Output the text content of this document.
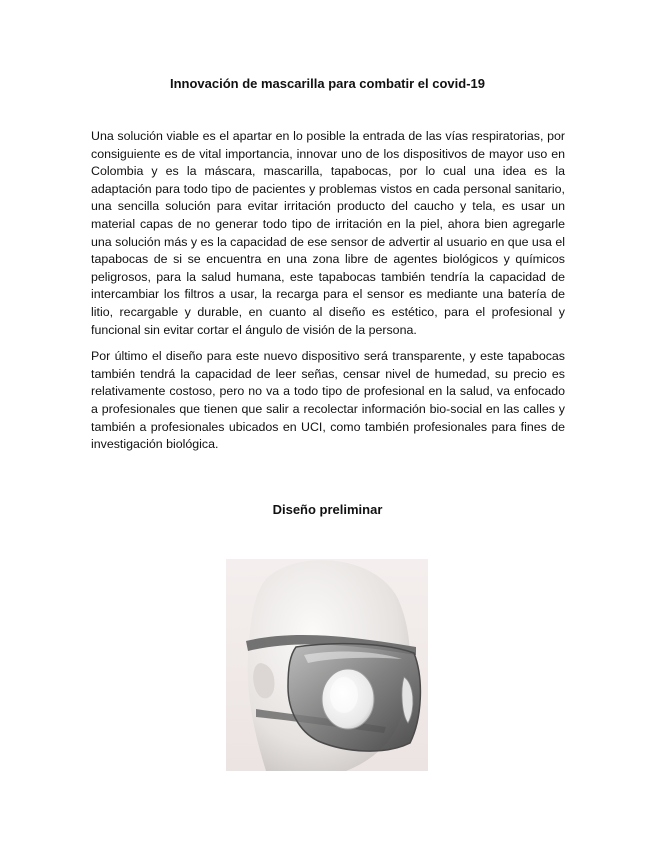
Innovación de mascarilla para combatir el covid-19

Una solución viable es el apartar en lo posible la entrada de las vías respiratorias, por consiguiente es de vital importancia, innovar uno de los dispositivos de mayor uso en Colombia y es la máscara, mascarilla, tapabocas, por lo cual una idea es la adaptación para todo tipo de pacientes y problemas vistos en cada personal sanitario, una sencilla solución para evitar irritación producto del caucho y tela, es usar un material capas de no generar todo tipo de irritación en la piel, ahora bien agregarle una solución más y es la capacidad de ese sensor de advertir al usuario en que usa el tapabocas de si se encuentra en una zona libre de agentes biológicos y químicos peligrosos, para la salud humana, este tapabocas también tendría la capacidad de intercambiar los filtros a usar, la recarga para el sensor es mediante una batería de litio, recargable y durable, en cuanto al diseño es estético, para el profesional y funcional sin evitar cortar el ángulo de visión de la persona.

Por último el diseño para este nuevo dispositivo será transparente, y este tapabocas también tendrá la capacidad de leer señas, censar nivel de humedad, su precio es relativamente costoso, pero no va a todo tipo de profesional en la salud, va enfocado a profesionales que tienen que salir a recolectar información bio-social en las calles y también a profesionales ubicados en UCI, como también profesionales para fines de investigación biológica.

Diseño preliminar
